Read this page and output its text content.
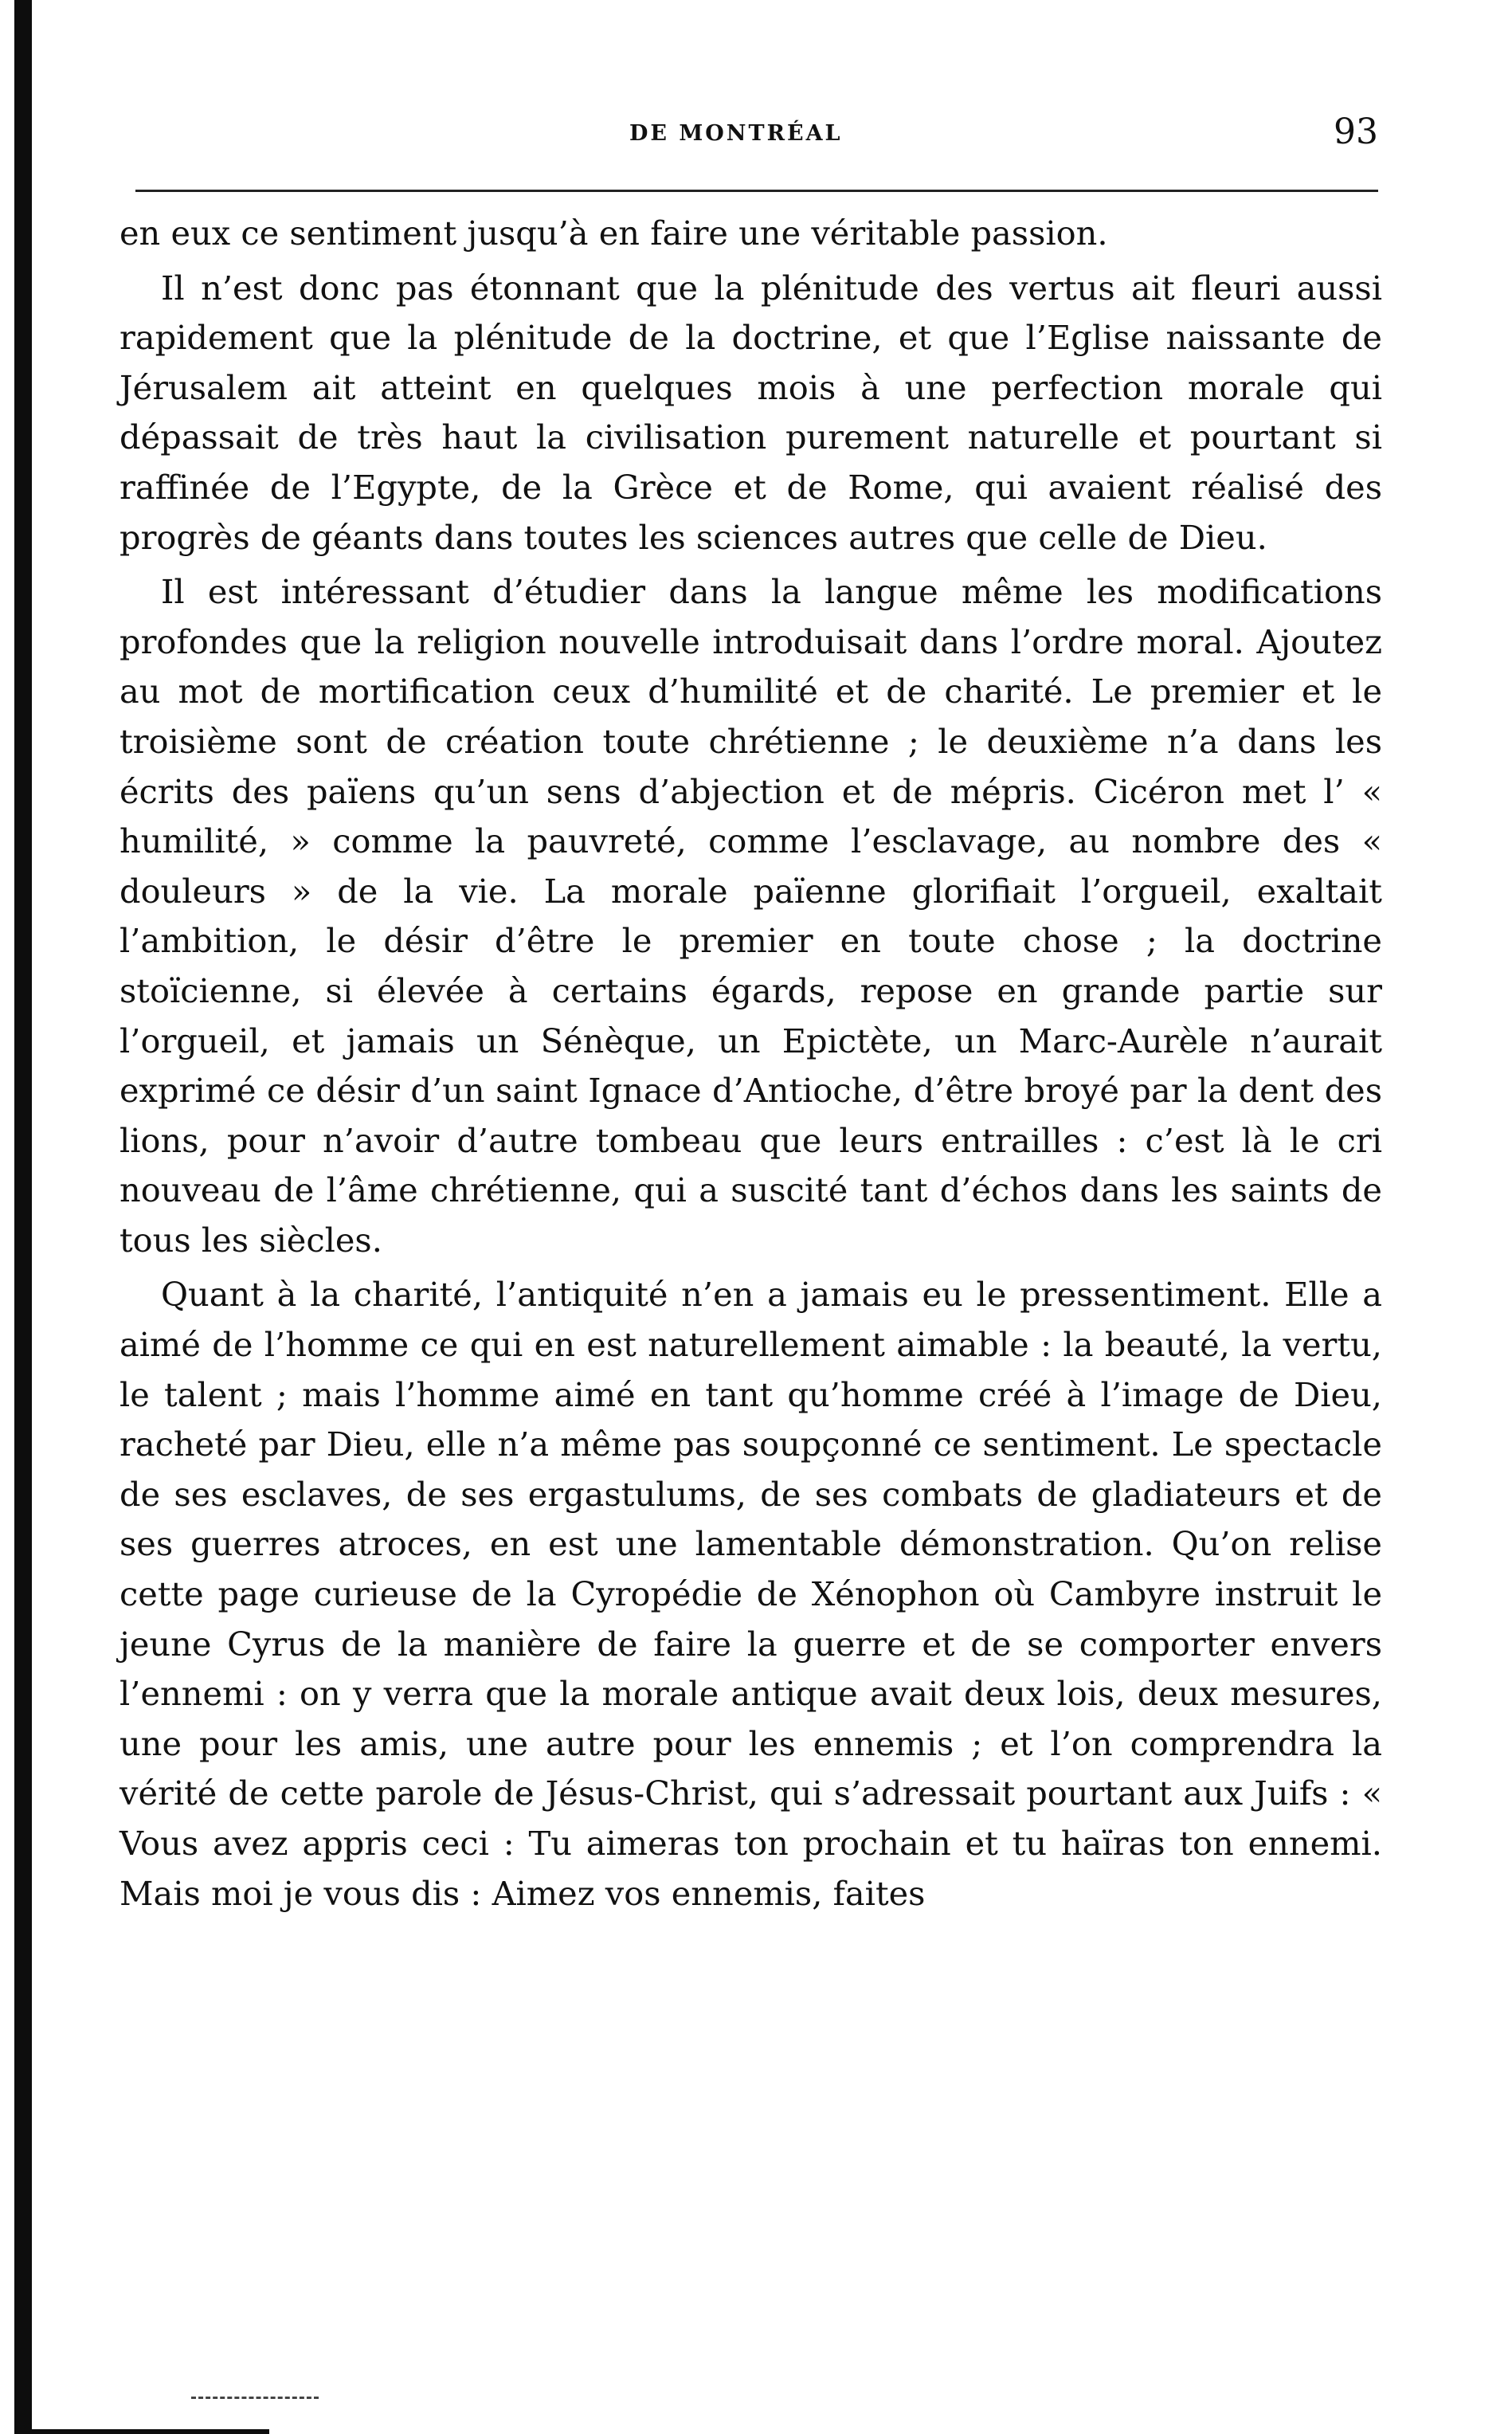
DE MONTRÉAL	93

en eux ce sentiment jusqu’à en faire une véritable passion.

Il n’est donc pas étonnant que la plénitude des vertus ait fleuri aussi rapidement que la plénitude de la doctrine, et que l’Eglise naissante de Jérusalem ait atteint en quelques mois à une perfection morale qui dépassait de très haut la civilisation purement naturelle et pourtant si raffinée de l’Egypte, de la Grèce et de Rome, qui avaient réalisé des progrès de géants dans toutes les sciences autres que celle de Dieu.

Il est intéressant d’étudier dans la langue même les modifications profondes que la religion nouvelle introduisait dans l’ordre moral. Ajoutez au mot de mortification ceux d’humilité et de charité. Le premier et le troisième sont de création toute chrétienne ; le deuxième n’a dans les écrits des païens qu’un sens d’abjection et de mépris. Cicéron met l’ « humilité, » comme la pauvreté, comme l’esclavage, au nombre des « douleurs » de la vie. La morale païenne glorifiait l’orgueil, exaltait l’ambition, le désir d’être le premier en toute chose ; la doctrine stoïcienne, si élevée à certains égards, repose en grande partie sur l’orgueil, et jamais un Sénèque, un Epictète, un Marc-Aurèle n’aurait exprimé ce désir d’un saint Ignace d’Antioche, d’être broyé par la dent des lions, pour n’avoir d’autre tombeau que leurs entrailles : c’est là le cri nouveau de l’âme chrétienne, qui a suscité tant d’échos dans les saints de tous les siècles.

Quant à la charité, l’antiquité n’en a jamais eu le pressentiment. Elle a aimé de l’homme ce qui en est naturellement aimable : la beauté, la vertu, le talent ; mais l’homme aimé en tant qu’homme créé à l’image de Dieu, racheté par Dieu, elle n’a même pas soupçonné ce sentiment. Le spectacle de ses esclaves, de ses ergastulums, de ses combats de gladiateurs et de ses guerres atroces, en est une lamentable démonstration. Qu’on relise cette page curieuse de la Cyropédie de Xénophon où Cambyre instruit le jeune Cyrus de la manière de faire la guerre et de se comporter envers l’ennemi : on y verra que la morale antique avait deux lois, deux mesures, une pour les amis, une autre pour les ennemis ; et l’on comprendra la vérité de cette parole de Jésus-Christ, qui s’adressait pourtant aux Juifs : « Vous avez appris ceci : Tu aimeras ton prochain et tu haïras ton ennemi. Mais moi je vous dis : Aimez vos ennemis, faites
